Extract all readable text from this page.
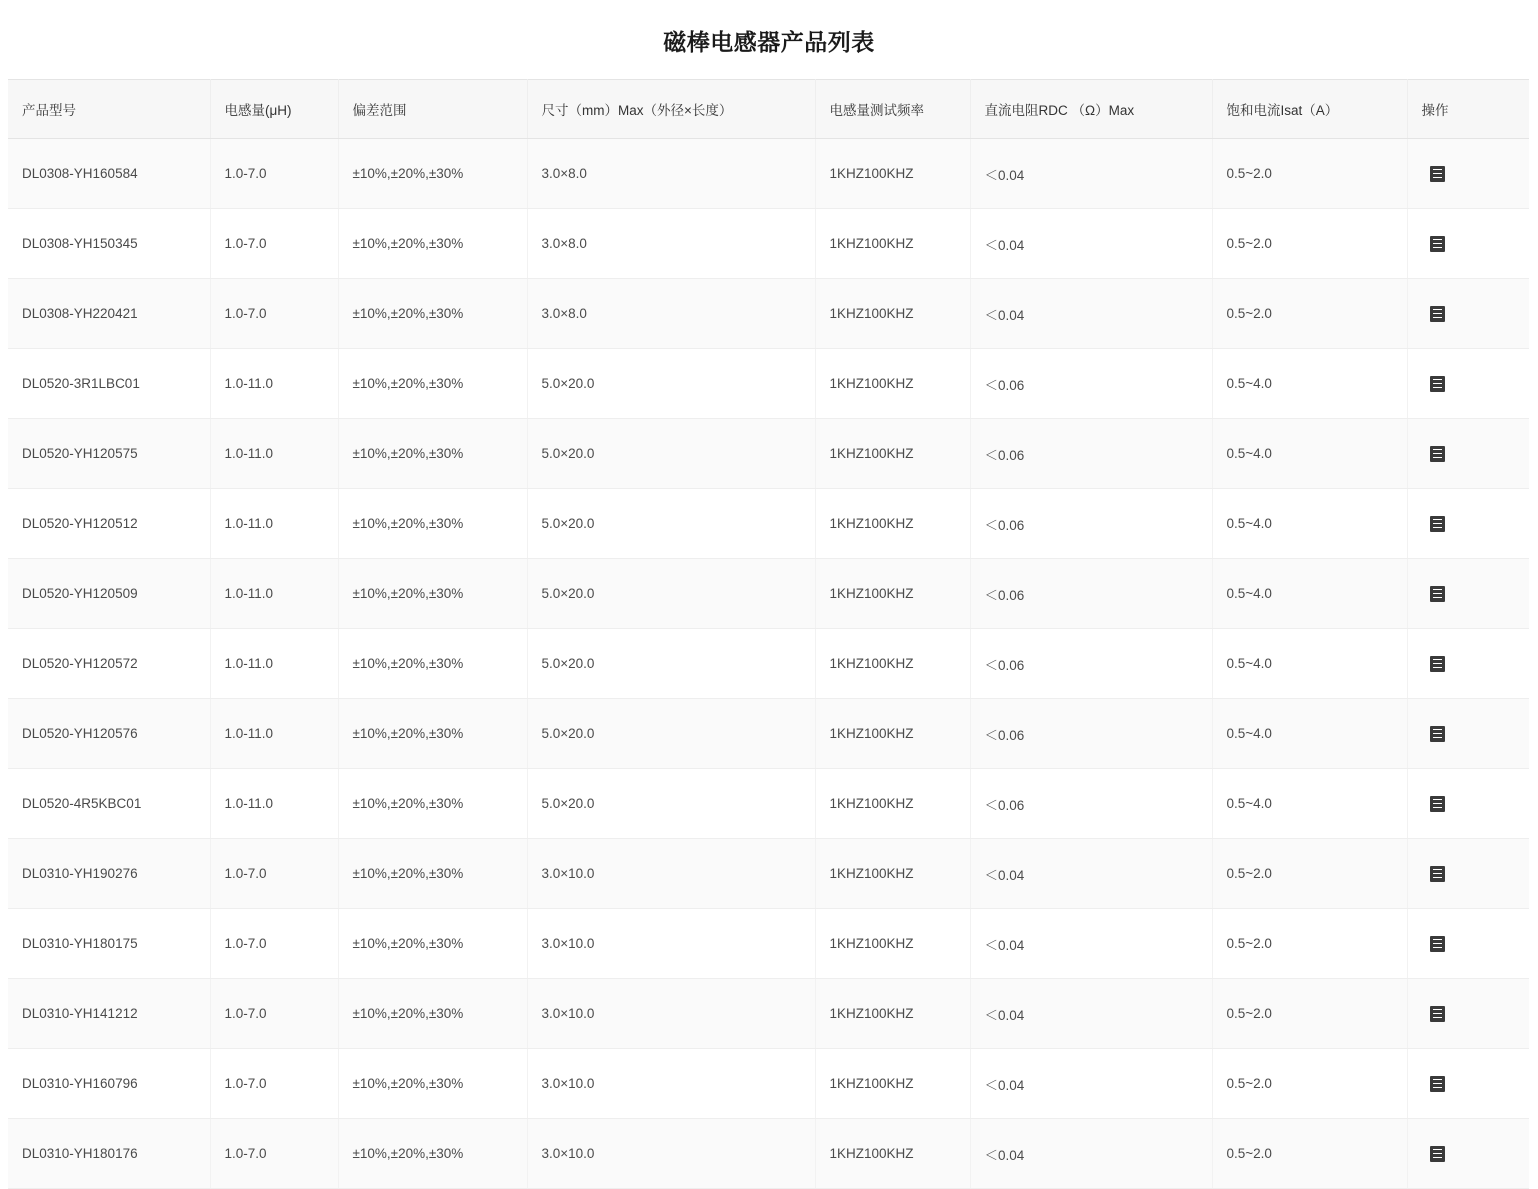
磁棒电感器产品列表
产品型号	电感量(μH)	偏差范围	尺寸（mm）Max（外径×长度）	电感量测试频率	直流电阻RDC （Ω）Max	饱和电流Isat（A）	操作
DL0308-YH160584	1.0-7.0	±10%,±20%,±30%	3.0×8.0	1KHZ100KHZ	＜0.04	0.5~2.0	
DL0308-YH150345	1.0-7.0	±10%,±20%,±30%	3.0×8.0	1KHZ100KHZ	＜0.04	0.5~2.0	
DL0308-YH220421	1.0-7.0	±10%,±20%,±30%	3.0×8.0	1KHZ100KHZ	＜0.04	0.5~2.0	
DL0520-3R1LBC01	1.0-11.0	±10%,±20%,±30%	5.0×20.0	1KHZ100KHZ	＜0.06	0.5~4.0	
DL0520-YH120575	1.0-11.0	±10%,±20%,±30%	5.0×20.0	1KHZ100KHZ	＜0.06	0.5~4.0	
DL0520-YH120512	1.0-11.0	±10%,±20%,±30%	5.0×20.0	1KHZ100KHZ	＜0.06	0.5~4.0	
DL0520-YH120509	1.0-11.0	±10%,±20%,±30%	5.0×20.0	1KHZ100KHZ	＜0.06	0.5~4.0	
DL0520-YH120572	1.0-11.0	±10%,±20%,±30%	5.0×20.0	1KHZ100KHZ	＜0.06	0.5~4.0	
DL0520-YH120576	1.0-11.0	±10%,±20%,±30%	5.0×20.0	1KHZ100KHZ	＜0.06	0.5~4.0	
DL0520-4R5KBC01	1.0-11.0	±10%,±20%,±30%	5.0×20.0	1KHZ100KHZ	＜0.06	0.5~4.0	
DL0310-YH190276	1.0-7.0	±10%,±20%,±30%	3.0×10.0	1KHZ100KHZ	＜0.04	0.5~2.0	
DL0310-YH180175	1.0-7.0	±10%,±20%,±30%	3.0×10.0	1KHZ100KHZ	＜0.04	0.5~2.0	
DL0310-YH141212	1.0-7.0	±10%,±20%,±30%	3.0×10.0	1KHZ100KHZ	＜0.04	0.5~2.0	
DL0310-YH160796	1.0-7.0	±10%,±20%,±30%	3.0×10.0	1KHZ100KHZ	＜0.04	0.5~2.0	
DL0310-YH180176	1.0-7.0	±10%,±20%,±30%	3.0×10.0	1KHZ100KHZ	＜0.04	0.5~2.0	
